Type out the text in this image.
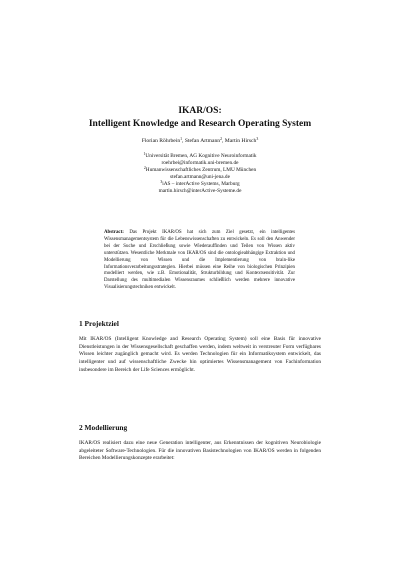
IKAR/OS:
Intelligent Knowledge and Research Operating System
Florian Röhrbein$^1$, Stefan Artmann$^2$, Martin Hirsch$^3$
$^1$Universität Bremen, AG Kognitive Neuroinformatik
roehrbei@informatik.uni-bremen.de
$^2$Humanwissenschaftliches Zentrum, LMU München
stefan.artmann@uni-jena.de
$^3$iAS – interActive Systems, Marburg
martin.hirsch@interActive-Systeme.de
Abstract: Das Projekt IKAR/OS hat sich zum Ziel gesetzt, ein intelligentes Wissensmanagementsystem für die Lebenswissenschaften zu entwickeln. Es soll den Anwender bei der Suche und Erschließung sowie Wiederauffinden und Teilen von Wissen aktiv unterstützen. Wesentliche Merkmale von IKAR/OS sind die ontologieabhängige Extraktion und Modellierung von Wissen und die Implementierung von brain-like Informationsverarbeitungsstrategien. Hierbei müssen eine Reihe von biologischen Prinzipien modelliert werden, wie z.B. Emotionalität, Strukturbildung und Kontextsensitivität. Zur Darstellung des multimedialen Wissensraumes schließlich werden mehrere innovative Visualisierungstechniken entwickelt.
1 Projektziel
Mit IKAR/OS (Intelligent Knowledge and Research Operating System) soll eine Basis für innovative Dienstleistungen in der Wissensgesellschaft geschaffen werden, indem weltweit in verstreuter Form verfügbares Wissen leichter zugänglich gemacht wird. Es werden Technologien für ein Informatiksystem entwickelt, das intelligenter und auf wissenschaftliche Zwecke hin optimiertes Wissensmanagement von Fachinformation insbesondere im Bereich der Life Sciences ermöglicht.
2 Modellierung
IKAR/OS realisiert dazu eine neue Generation intelligenter, aus Erkenntnissen der kognitiven Neurobiologie abgeleiteter Software-Technologien. Für die innovativen Basistechnologien von IKAR/OS werden in folgenden Bereichen Modellierungskonzepte erarbeitet:
